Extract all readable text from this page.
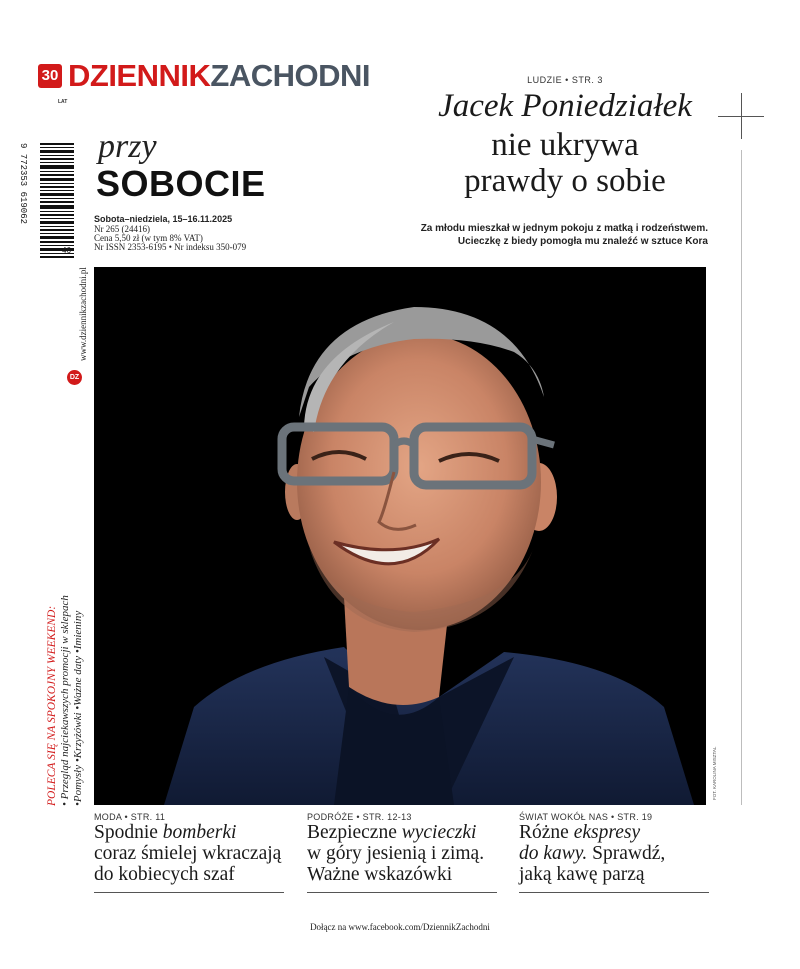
30
LAT
DZIENNIK ZACHODNI	LUDZIE • STR. 3
Jacek Poniedziałek
nie ukrywa
prawdy o sobie
Za młodu mieszkał w jednym pokoju z matką i rodzeństwem.
Ucieczkę z biedy pomogła mu znaleźć w sztuce Kora
przy
SOBOCIE
Sobota–niedziela, 15–16.11.2025
Nr 265 (24416)
Cena 5,50 zł (w tym 8% VAT)
Nr ISSN 2353-6195 • Nr indeksu 350-079
9 772353 619062
46
www.dziennikzachodni.pl
DZ
POLECA SIĘ NA SPOKOJNY WEEKEND: • Przegląd najciekawszych promocji w sklepach •Pomysły •Krzyżówki •Ważne daty •Imieniny	FOT. KAROLINA MISZTAL
MODA • STR. 11
Spodnie bomberki
coraz śmielej wkraczają
do kobiecych szaf
PODRÓŻE • STR. 12-13
Bezpieczne wycieczki
w góry jesienią i zimą.
Ważne wskazówki
ŚWIAT WOKÓŁ NAS • STR. 19
Różne ekspresy
do kawy. Sprawdź,
jaką kawę parzą
Dołącz na www.facebook.com/DziennikZachodni
